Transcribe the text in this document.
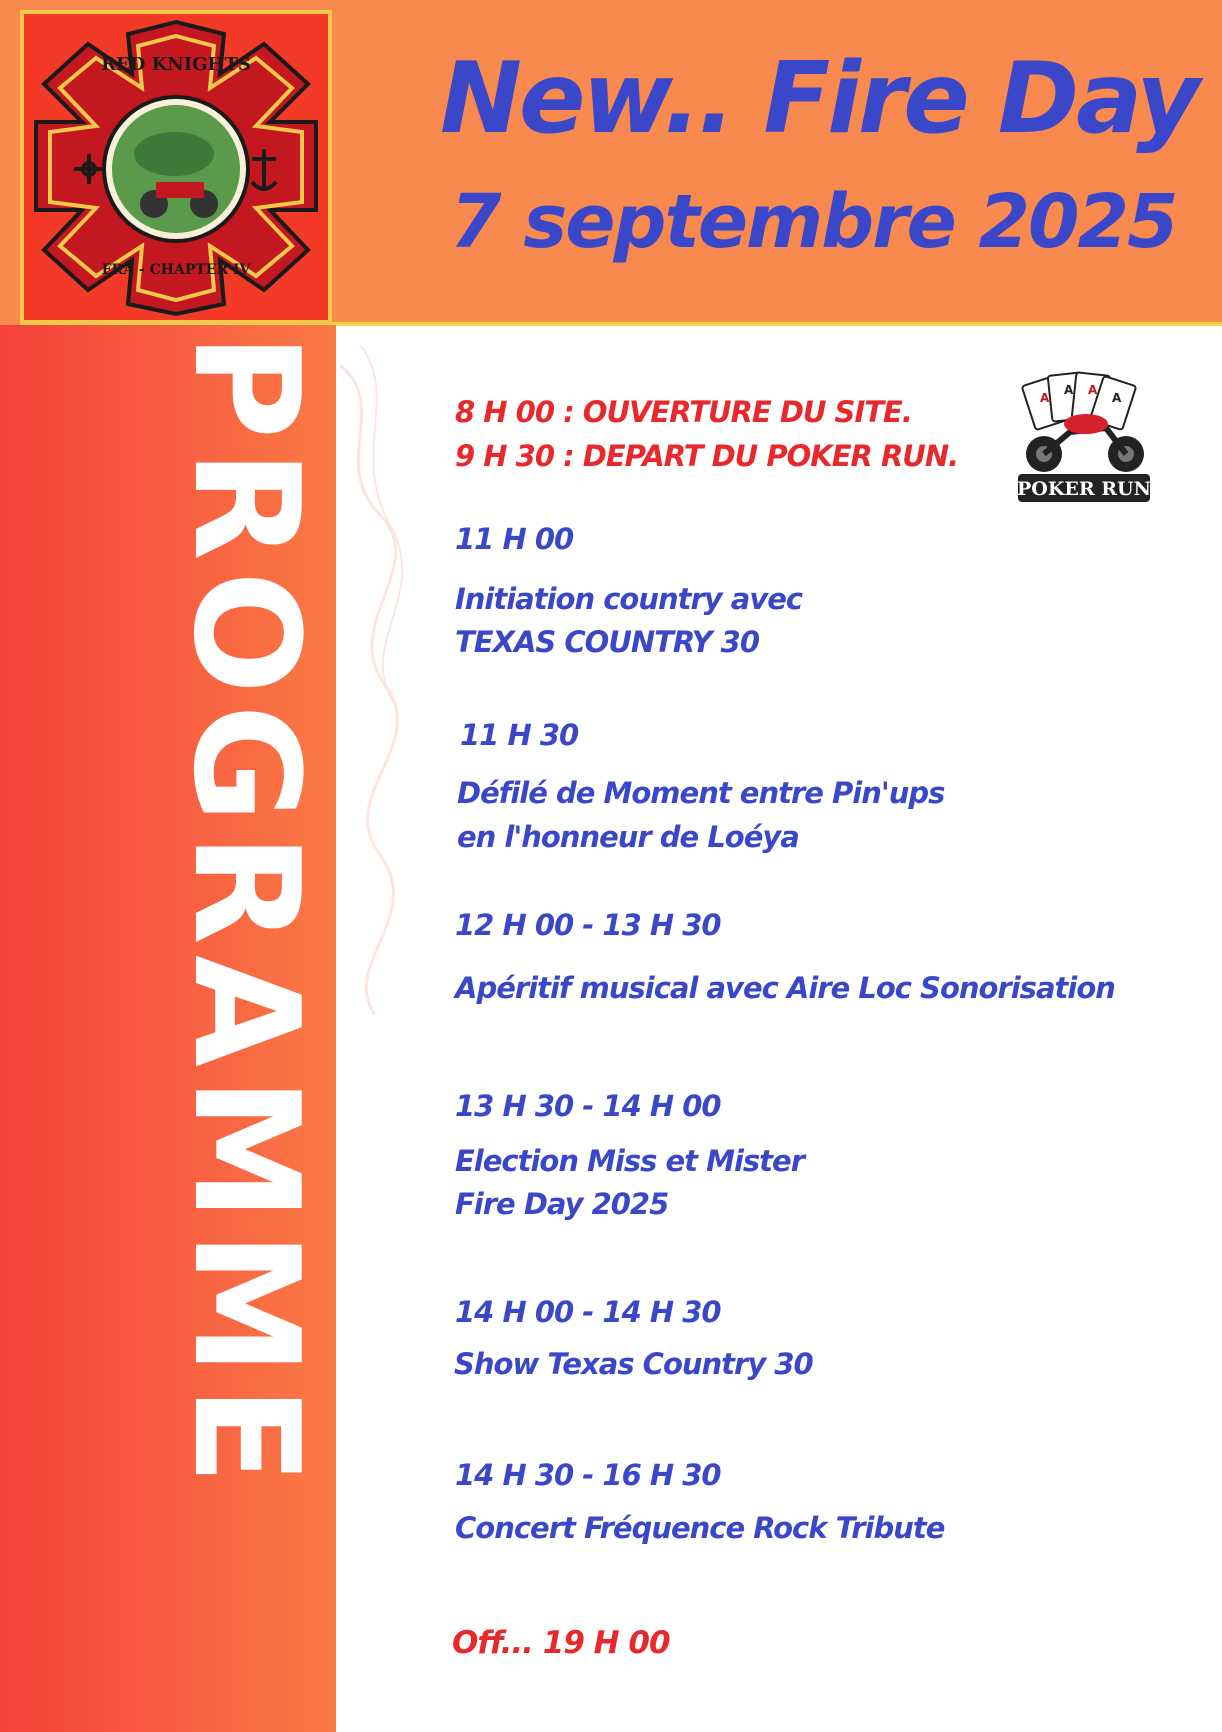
PROGRAMME
RED KNIGHTS
FRA - CHAPTER IV
New.. Fire Day
7 septembre 2025
A
A A
A
POKER RUN
8 H 00 : OUVERTURE DU SITE.
9 H 30 : DEPART DU POKER RUN.
11 H 00
Initiation country avec
TEXAS COUNTRY 30
11 H 30
Défilé de Moment entre Pin'ups
en l'honneur de Loéya
12 H 00 - 13 H 30
Apéritif musical avec Aire Loc Sonorisation
13 H 30 - 14 H 00
Election Miss et Mister
Fire Day 2025
14 H 00 - 14 H 30
Show Texas Country 30
14 H 30 - 16 H 30
Concert Fréquence Rock Tribute
Off... 19 H 00
